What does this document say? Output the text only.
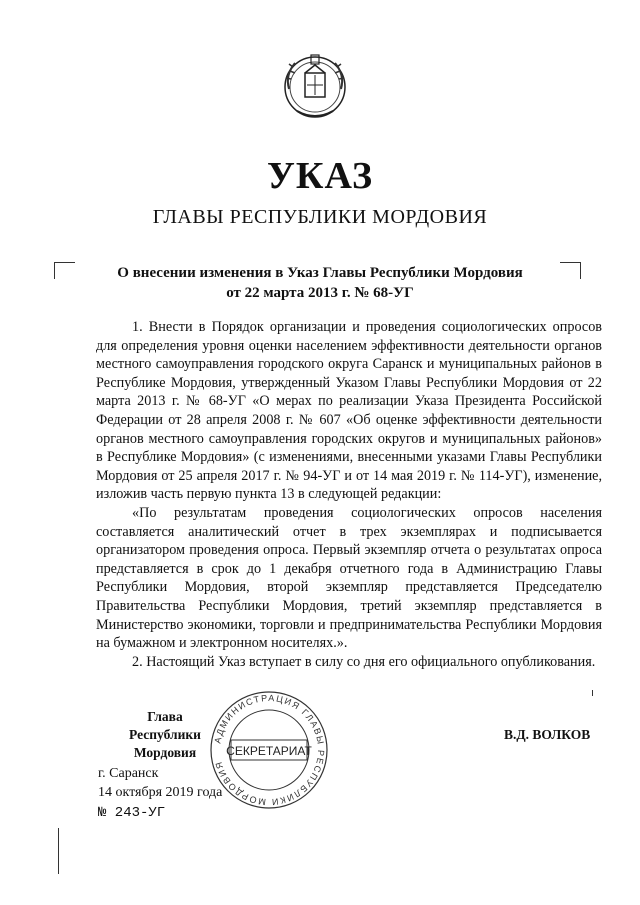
УКАЗ
ГЛАВЫ РЕСПУБЛИКИ МОРДОВИЯ
О внесении изменения в Указ Главы Республики Мордовия
от 22 марта 2013 г. № 68-УГ

1. Внести в Порядок организации и проведения социологических опросов для определения уровня оценки населением эффективности деятельности органов местного самоуправления городского округа Саранск и муниципальных районов в Республике Мордовия, утвержденный Указом Главы Республики Мордовия от 22 марта 2013 г. № 68-УГ «О мерах по реализации Указа Президента Российской Федерации от 28 апреля 2008 г. № 607 «Об оценке эффективности деятельности органов местного самоуправления городских округов и муниципальных районов» в Республике Мордовия» (с изменениями, внесенными указами Главы Республики Мордовия от 25 апреля 2017 г. № 94-УГ и от 14 мая 2019 г. № 114-УГ), изменение, изложив часть первую пункта 13 в следующей редакции:

«По результатам проведения социологических опросов населения составляется аналитический отчет в трех экземплярах и подписывается организатором проведения опроса. Первый экземпляр отчета о результатах опроса представляется в срок до 1 декабря отчетного года в Администрацию Главы Республики Мордовия, второй экземпляр представляется Председателю Правительства Республики Мордовия, третий экземпляр представляется в Министерство экономики, торговли и предпринимательства Республики Мордовия на бумажном и электронном носителях.».

2. Настоящий Указ вступает в силу со дня его официального опубликования.

Глава
Республики Мордовия
В.Д. ВОЛКОВ
АДМИНИСТРАЦИЯ ГЛАВЫ РЕСПУБЛИКИ МОРДОВИЯ
СЕКРЕТАРИАТ
г. Саранск
14 октября 2019 года
№ 243-УГ
